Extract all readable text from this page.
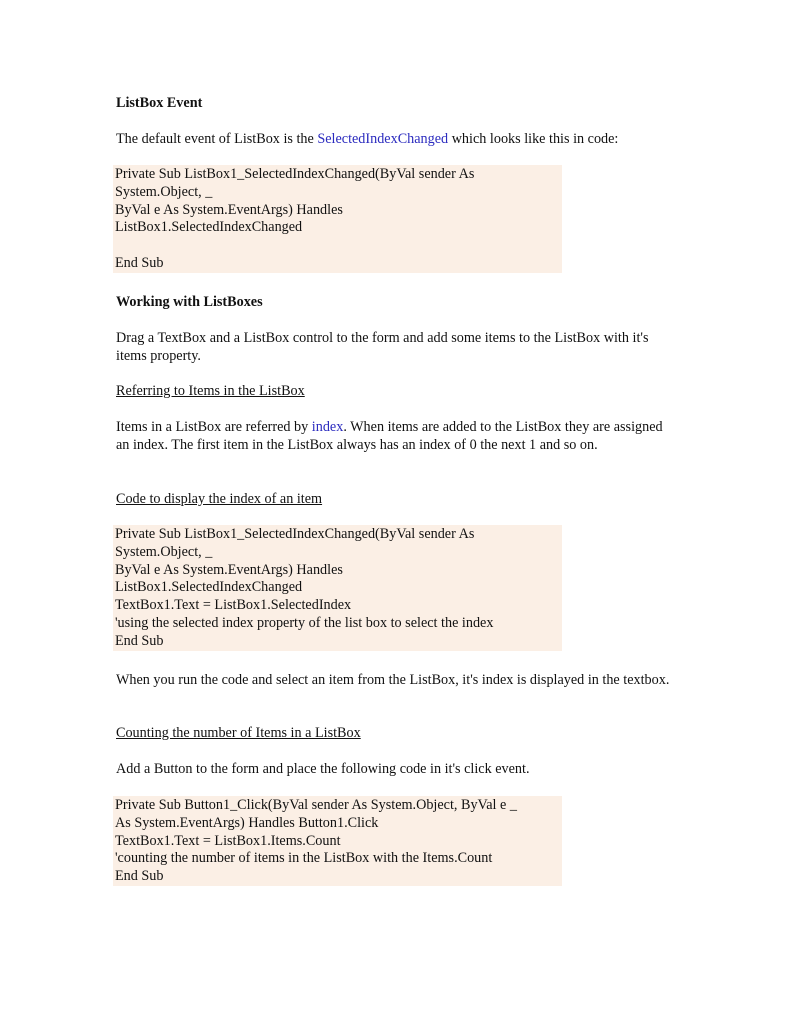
ListBox Event

The default event of ListBox is the SelectedIndexChanged which looks like this in code:

Private Sub ListBox1_SelectedIndexChanged(ByVal sender As
System.Object, _
ByVal e As System.EventArgs) Handles
ListBox1.SelectedIndexChanged
End Sub

Working with ListBoxes

Drag a TextBox and a ListBox control to the form and add some items to the ListBox with it's items property.

Referring to Items in the ListBox

Items in a ListBox are referred by index. When items are added to the ListBox they are assigned an index. The first item in the ListBox always has an index of 0 the next 1 and so on.

Code to display the index of an item

Private Sub ListBox1_SelectedIndexChanged(ByVal sender As
System.Object, _
ByVal e As System.EventArgs) Handles
ListBox1.SelectedIndexChanged
TextBox1.Text = ListBox1.SelectedIndex
'using the selected index property of the list box to select the index
End Sub

When you run the code and select an item from the ListBox, it's index is displayed in the textbox.

Counting the number of Items in a ListBox

Add a Button to the form and place the following code in it's click event.

Private Sub Button1_Click(ByVal sender As System.Object, ByVal e _
As System.EventArgs) Handles Button1.Click
TextBox1.Text = ListBox1.Items.Count
'counting the number of items in the ListBox with the Items.Count
End Sub
